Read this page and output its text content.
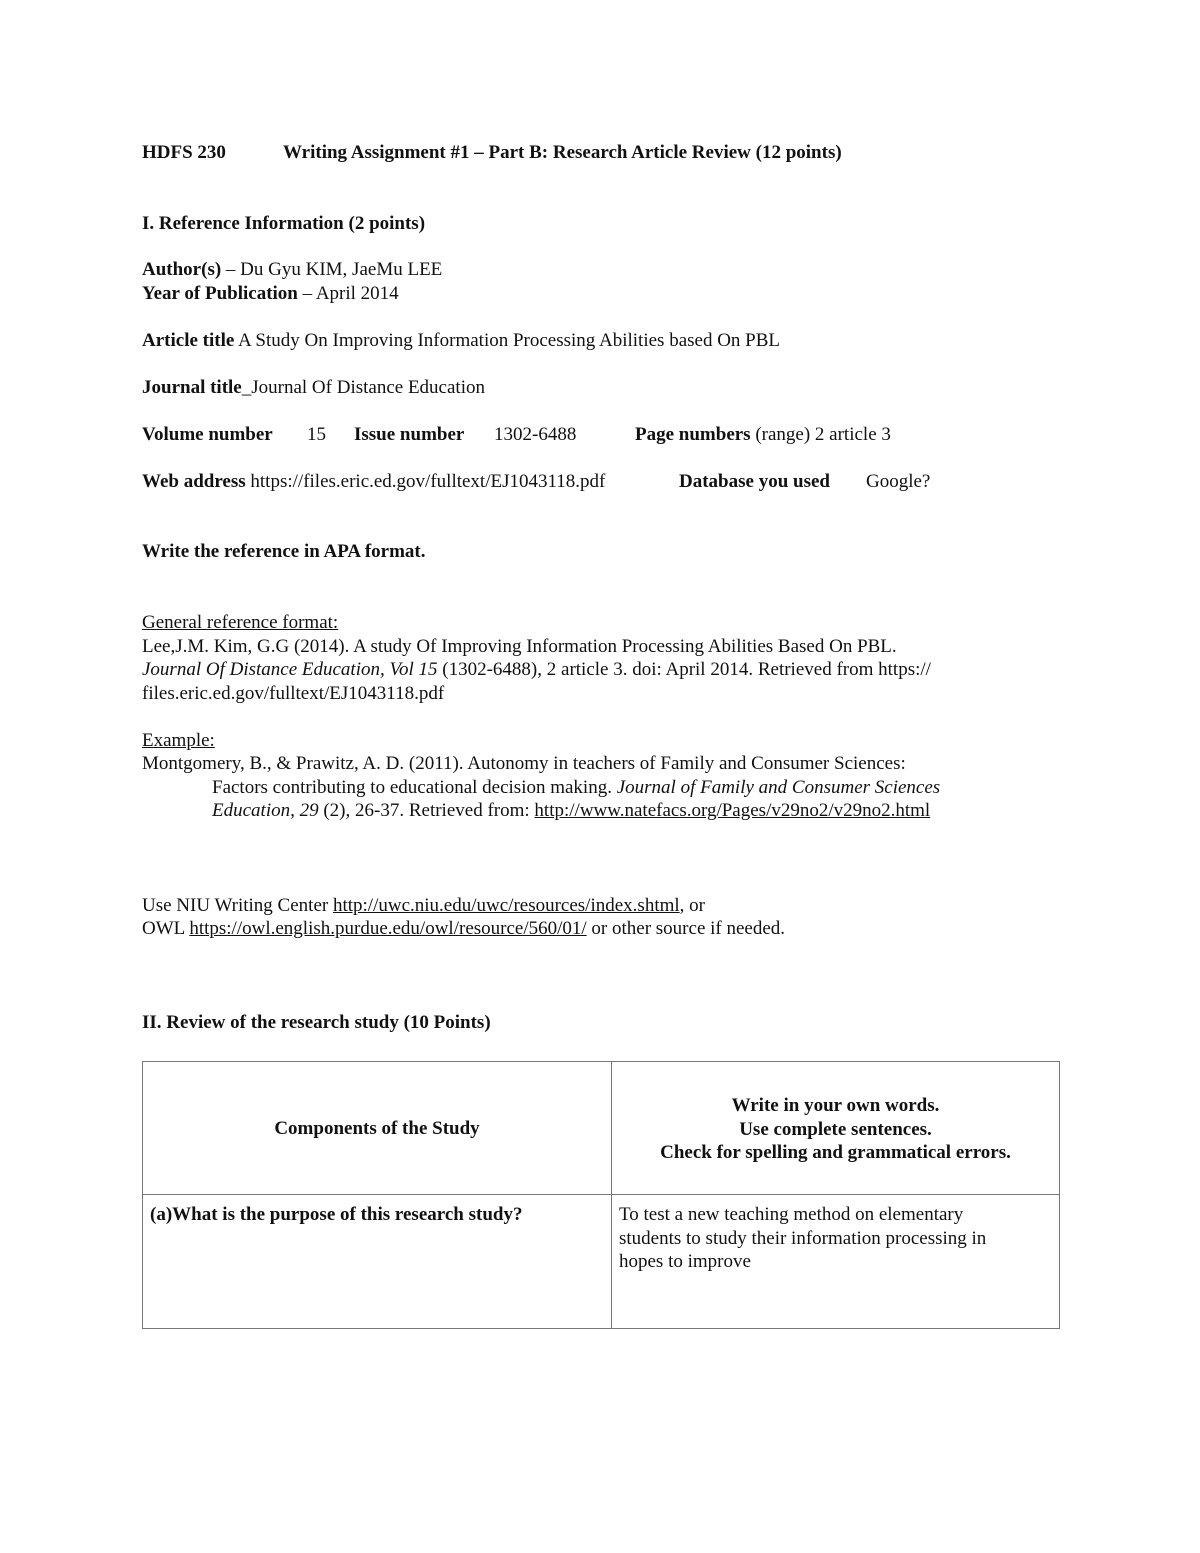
HDFS 230	Writing Assignment #1 – Part B: Research Article Review (12 points)
I. Reference Information (2 points)
Author(s) – Du Gyu KIM, JaeMu LEE
Year of Publication – April 2014
Article title A Study On Improving Information Processing Abilities based On PBL
Journal title_Journal Of Distance Education
Volume number 15 Issue number 1302-6488	Page numbers (range) 2 article 3
Web address https://files.eric.ed.gov/fulltext/EJ1043118.pdf	Database you used Google?
Write the reference in APA format.
General reference format:
Lee,J.M. Kim, G.G (2014). A study Of Improving Information Processing Abilities Based On PBL.
Journal Of Distance Education, Vol 15 (1302-6488), 2 article 3. doi: April 2014. Retrieved from https://
files.eric.ed.gov/fulltext/EJ1043118.pdf
Example:
Montgomery, B., & Prawitz, A. D. (2011). Autonomy in teachers of Family and Consumer Sciences:
Factors contributing to educational decision making. Journal of Family and Consumer Sciences
Education, 29 (2), 26-37. Retrieved from: http://www.natefacs.org/Pages/v29no2/v29no2.html
Use NIU Writing Center http://uwc.niu.edu/uwc/resources/index.shtml, or
OWL https://owl.english.purdue.edu/owl/resource/560/01/ or other source if needed.
II. Review of the research study (10 Points)
Components of the Study	Write in your own words.
Use complete sentences.
Check for spelling and grammatical errors.

(a)What is the purpose of this research study?	To test a new teaching method on elementary
students to study their information processing in
hopes to improve
